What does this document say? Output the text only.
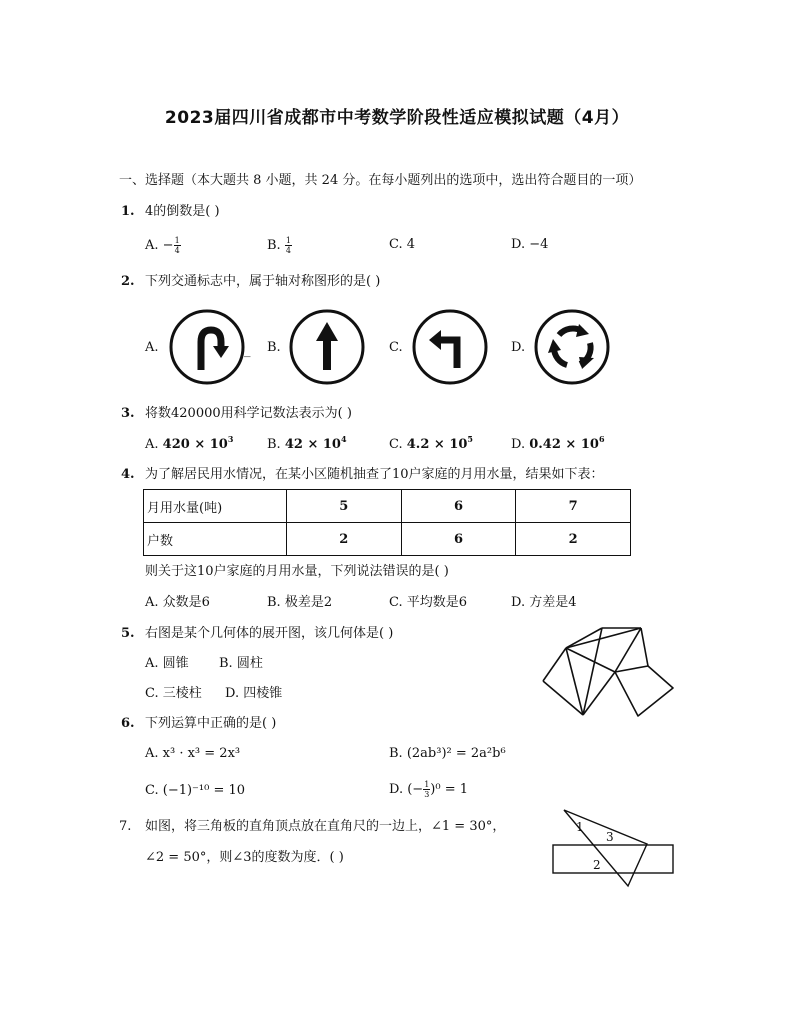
2023届四川省成都市中考数学阶段性适应模拟试题（4月）
一、选择题（本大题共 8 小题，共 24 分。在每小题列出的选项中，选出符合题目的一项）
1. 4的倒数是( )
A. − $\frac{1}{4}$	B. $\frac{1}{4}$	C. 4	D. −4
2. 下列交通标志中，属于轴对称图形的是( )
A.	_ B.	C.	D.
3. 将数420000用科学记数法表示为( )
A. $420 \times 10^3$	B. $42 \times 10^4$	C. $4.2 \times 10^5$	D. $0.42 \times 10^6$
4. 为了解居民用水情况，在某小区随机抽查了10户家庭的月用水量，结果如下表：
月用水量(吨)	5	6	7
户数	2	6	2
则关于这10户家庭的月用水量，下列说法错误的是( )
A. 众数是6	B. 极差是2	C. 平均数是6	D. 方差是4
5. 右图是某个几何体的展开图，该几何体是( )
A. 圆锥 B. 圆柱
C. 三棱柱 D. 四棱锥
6. 下列运算中正确的是( )
A. x³ · x³ = 2x³	B. (2ab³)² = 2a²b⁶
C. (−1)⁻¹⁰ = 10	D. (− $\frac{1}{3} )^0 = 1$
7. 如图，将三角板的直角顶点放在直角尺的一边上，∠1 = 30°，
∠2 = 50°，则∠3的度数为度．( )
1
3
2
